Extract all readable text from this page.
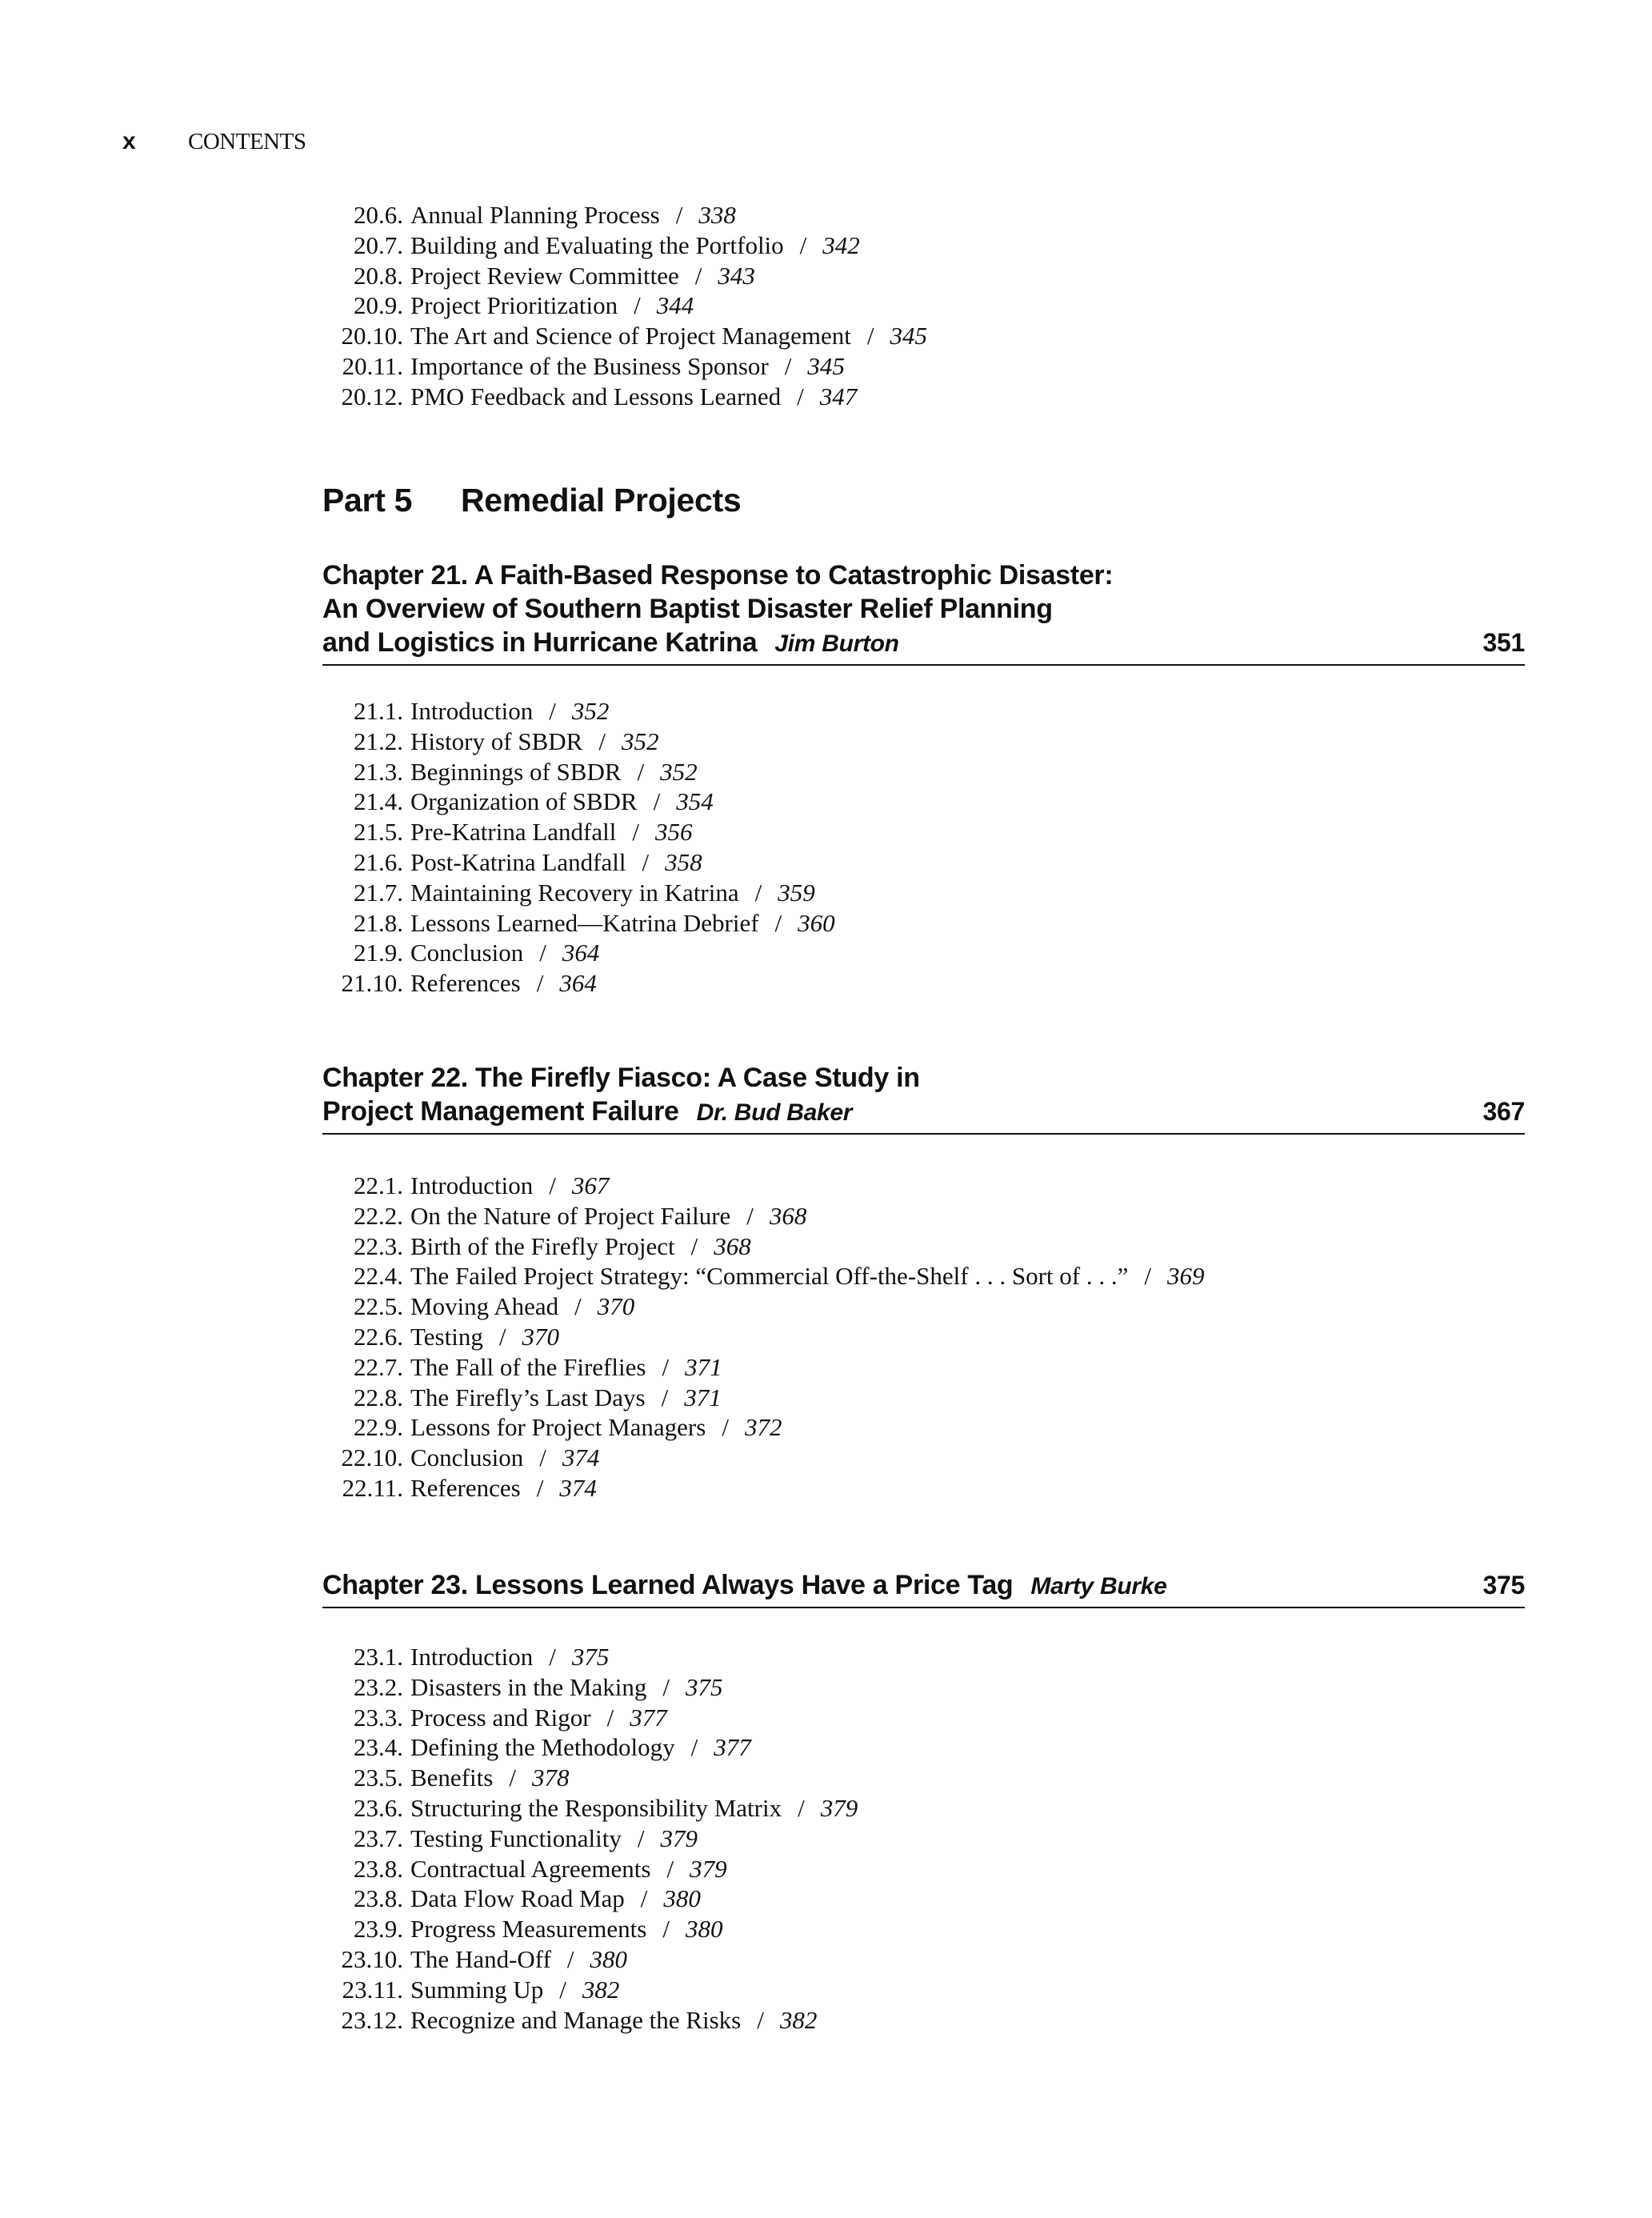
x	CONTENTS
20.6. Annual Planning Process / 338
20.7. Building and Evaluating the Portfolio / 342
20.8. Project Review Committee / 343
20.9. Project Prioritization / 344
20.10. The Art and Science of Project Management / 345
20.11. Importance of the Business Sponsor / 345
20.12. PMO Feedback and Lessons Learned / 347
Part 5	Remedial Projects
Chapter 21. A Faith-Based Response to Catastrophic Disaster:
An Overview of Southern Baptist Disaster Relief Planning
and Logistics in Hurricane Katrina Jim Burton	351
21.1. Introduction / 352
21.2. History of SBDR / 352
21.3. Beginnings of SBDR / 352
21.4. Organization of SBDR / 354
21.5. Pre-Katrina Landfall / 356
21.6. Post-Katrina Landfall / 358
21.7. Maintaining Recovery in Katrina / 359
21.8. Lessons Learned—Katrina Debrief / 360
21.9. Conclusion / 364
21.10. References / 364
Chapter 22. The Firefly Fiasco: A Case Study in
Project Management Failure Dr. Bud Baker	367
22.1. Introduction / 367
22.2. On the Nature of Project Failure / 368
22.3. Birth of the Firefly Project / 368
22.4. The Failed Project Strategy: “Commercial Off-the-Shelf . . . Sort of . . .” / 369
22.5. Moving Ahead / 370
22.6. Testing / 370
22.7. The Fall of the Fireflies / 371
22.8. The Firefly’s Last Days / 371
22.9. Lessons for Project Managers / 372
22.10. Conclusion / 374
22.11. References / 374
Chapter 23. Lessons Learned Always Have a Price Tag Marty Burke	375
23.1. Introduction / 375
23.2. Disasters in the Making / 375
23.3. Process and Rigor / 377
23.4. Defining the Methodology / 377
23.5. Benefits / 378
23.6. Structuring the Responsibility Matrix / 379
23.7. Testing Functionality / 379
23.8. Contractual Agreements / 379
23.8. Data Flow Road Map / 380
23.9. Progress Measurements / 380
23.10. The Hand-Off / 380
23.11. Summing Up / 382
23.12. Recognize and Manage the Risks / 382
